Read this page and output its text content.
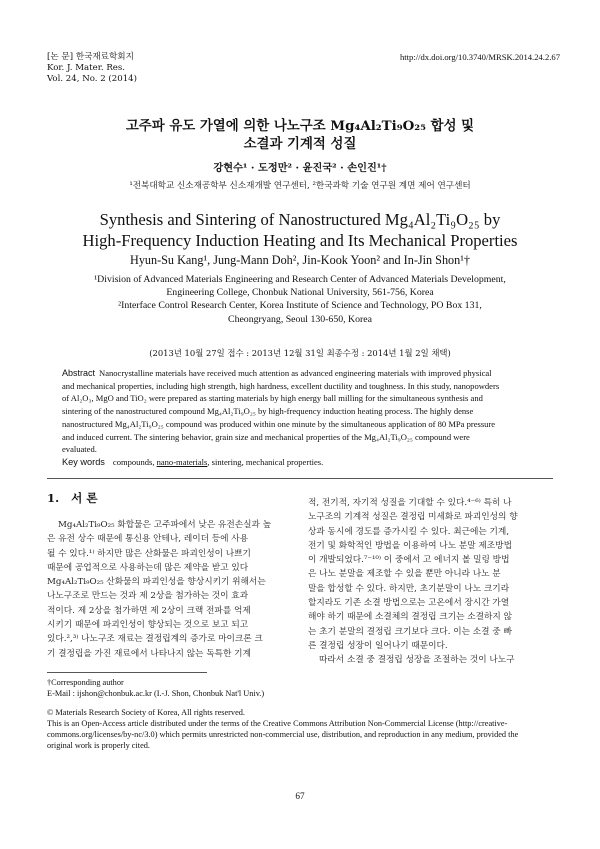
[논 문] 한국재료학회지
Kor. J. Mater. Res.
Vol. 24, No. 2 (2014)
http://dx.doi.org/10.3740/MRSK.2014.24.2.67
고주파 유도 가열에 의한 나노구조 Mg₄Al₂Ti₉O₂₅ 합성 및
소결과 기계적 성질
강현수¹ · 도정만² · 윤진국² · 손인진¹†
¹전북대학교 신소재공학부 신소재개발 연구센터, ²한국과학 기술 연구원 계면 제어 연구센터
Synthesis and Sintering of Nanostructured Mg₄Al₂Ti₉O₂₅ by
High-Frequency Induction Heating and Its Mechanical Properties
Hyun-Su Kang¹, Jung-Mann Doh², Jin-Kook Yoon² and In-Jin Shon¹†
¹Division of Advanced Materials Engineering and Research Center of Advanced Materials Development,
Engineering College, Chonbuk National University, 561-756, Korea
²Interface Control Research Center, Korea Institute of Science and Technology, PO Box 131,
Cheongryang, Seoul 130-650, Korea
(2013년 10월 27일 접수 : 2013년 12월 31일 최종수정 : 2014년 1월 2일 채택)
Abstract Nanocrystalline materials have received much attention as advanced engineering materials with improved physical
and mechanical properties, including high strength, high hardness, excellent ductility and toughness. In this study, nanopowders
of Al₂O₃, MgO and TiO₂ were prepared as starting materials by high energy ball milling for the simultaneous synthesis and
sintering of the nanostructured compound Mg₄Al₂Ti₉O₂₅ by high-frequency induction heating process. The highly dense
nanostructured Mg₄Al₂Ti₉O₂₅ compound was produced within one minute by the simultaneous application of 80 MPa pressure
and induced current. The sintering behavior, grain size and mechanical properties of the Mg₄Al₂Ti₉O₂₅ compound were
evaluated.
Key words compounds, nano-materials, sintering, mechanical properties.
1. 서 론
Mg₄Al₂Ti₉O₂₅ 화합물은 고주파에서 낮은 유전손실과 높
은 유전 상수 때문에 통신용 안테나, 레이더 등에 사용
될 수 있다.¹⁾ 하지만 많은 산화물은 파괴인성이 나쁘기
때문에 공업적으로 사용하는데 많은 제약을 받고 있다
Mg₄Al₂Ti₉O₂₅ 산화물의 파괴인성을 향상시키기 위해서는
나노구조로 만드는 것과 제 2상을 첨가하는 것이 효과
적이다. 제 2상을 첨가하면 제 2상이 크랙 전파를 억제
시키기 때문에 파괴인성이 향상되는 것으로 보고 되고
있다.²,³⁾ 나노구조 재료는 결정립계의 증가로 마이크론 크
기 결정립을 가진 재료에서 나타나지 않는 독특한 기계
적, 전기적, 자기적 성질을 기대할 수 있다.⁴⁻⁶⁾ 특히 나
노구조의 기계적 성질은 결정립 미세화로 파괴인성의 향
상과 동시에 경도를 증가시킬 수 있다. 최근에는 기계,
전기 및 화학적인 방법을 이용하여 나노 분말 제조방법
이 개발되었다.⁷⁻¹⁰⁾ 이 중에서 고 에너지 볼 밀링 방법
은 나노 분말을 제조할 수 있을 뿐만 아니라 나노 분
말을 합성할 수 있다. 하지만, 초기분말이 나노 크기라
할지라도 기존 소결 방법으로는 고온에서 장시간 가열
해야 하기 때문에 소결체의 결정립 크기는 소결하지 않
는 초기 분말의 결정립 크기보다 크다. 이는 소결 중 빠
른 결정립 성장이 일어나기 때문이다.
따라서 소결 중 결정립 성장을 조절하는 것이 나노구
†Corresponding author
E-Mail : ijshon@chonbuk.ac.kr (I.-J. Shon, Chonbuk Nat'l Univ.)
© Materials Research Society of Korea, All rights reserved.
This is an Open-Access article distributed under the terms of the Creative Commons Attribution Non-Commercial License (http://creative-
commons.org/licenses/by-nc/3.0) which permits unrestricted non-commercial use, distribution, and reproduction in any medium, provided the
original work is properly cited.
67
